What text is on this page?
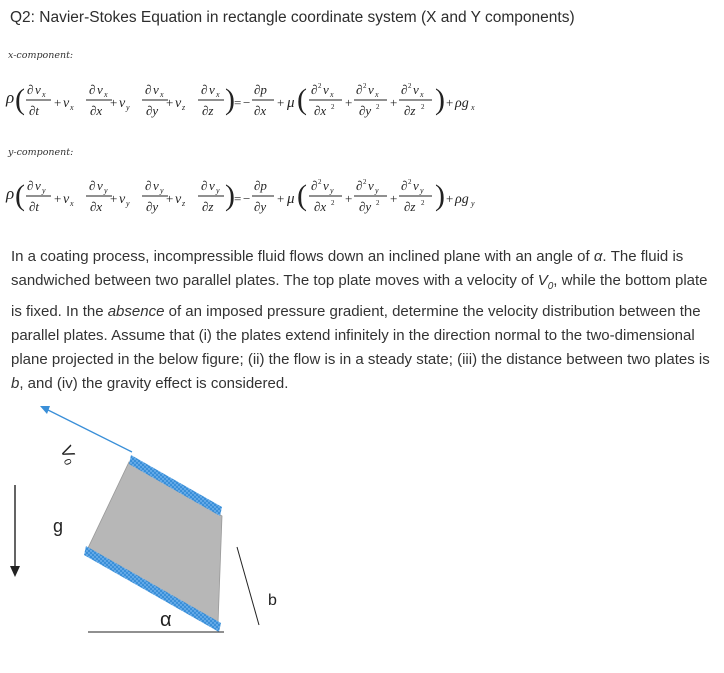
Q2: Navier-Stokes Equation in rectangle coordinate system (X and Y components)
x-component:
ρ ( ∂ v x
∂t
+ v x
∂ v x
∂x
+ v y
∂ v x
∂y
+ v z
∂ v x
∂z ) = −
∂p
∂x
+ μ ( ∂ 2 v x
∂x 2 +
∂ 2 v x
∂y 2 +
∂ 2 v x
∂z 2 ) + ρg x
y-component:
ρ ( ∂ v y
∂t
+ v x
∂ v y
∂x
+ v y
∂ v y
∂y
+ v z
∂ v y
∂z ) = −
∂p
∂y
+ μ ( ∂ 2 v y
∂x 2 +
∂ 2 v y
∂y 2 +
∂ 2 v y
∂z 2 ) + ρg y
In a coating process, incompressible fluid flows down an inclined plane with an angle of α. The fluid is sandwiched between two parallel plates. The top plate moves with a velocity of $V_0$, while the bottom plate is fixed. In the absence of an imposed pressure gradient, determine the velocity distribution between the parallel plates. Assume that (i) the plates extend infinitely in the direction normal to the two-dimensional plane projected in the below figure; (ii) the flow is in a steady state; (iii) the distance between two plates is b, and (iv) the gravity effect is considered.
g
V₀
b
α
